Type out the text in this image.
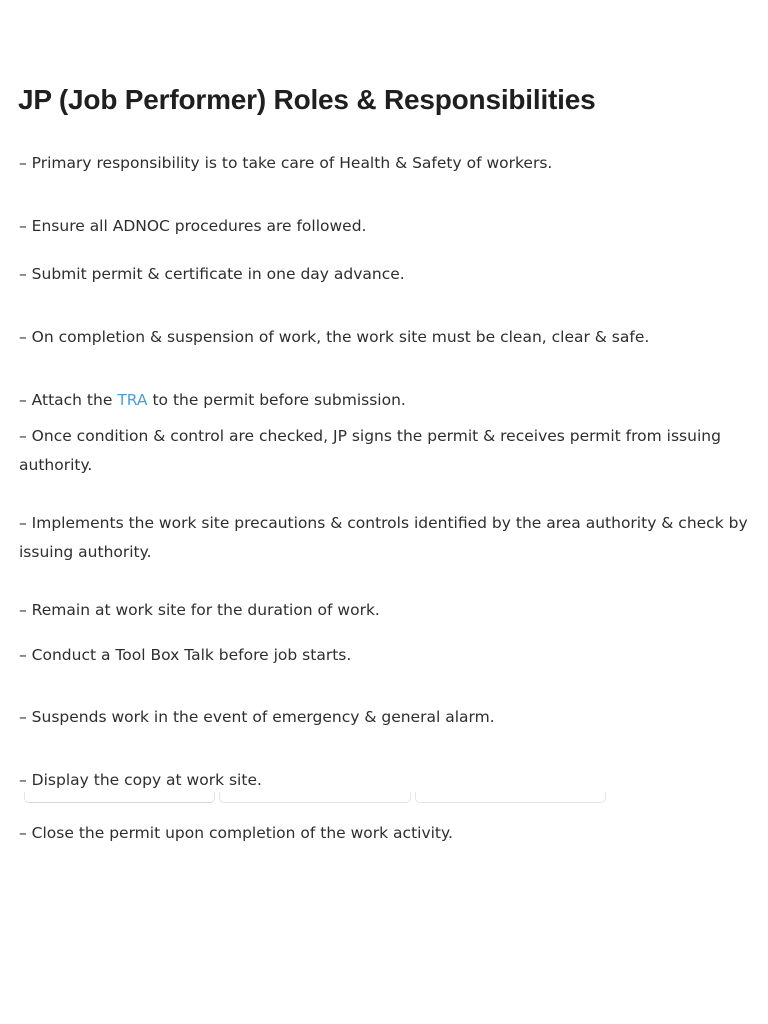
JP (Job Performer) Roles & Responsibilities
– Primary responsibility is to take care of Health & Safety of workers.
– Ensure all ADNOC procedures are followed.
– Submit permit & certificate in one day advance.
– On completion & suspension of work, the work site must be clean, clear & safe.
– Attach the TRA to the permit before submission.
– Once condition & control are checked, JP signs the permit & receives permit from issuing authority.
– Implements the work site precautions & controls identified by the area authority & check by issuing authority.
– Remain at work site for the duration of work.
– Conduct a Tool Box Talk before job starts.
– Suspends work in the event of emergency & general alarm.
– Display the copy at work site.
– Close the permit upon completion of the work activity.
